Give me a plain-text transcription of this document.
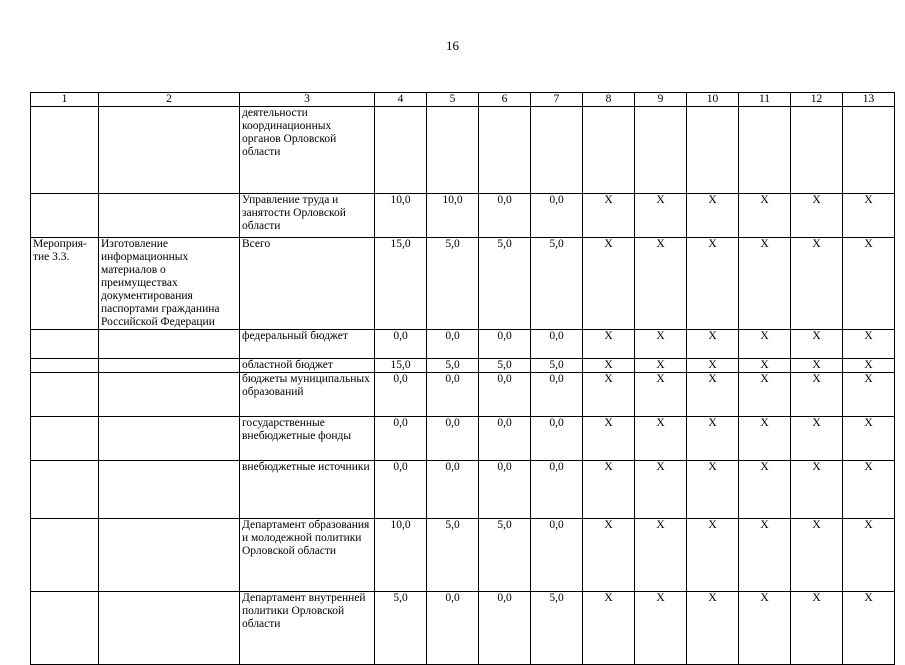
16
1	2	3	4	5	6	7	8	9	10	11	12	13
		деятельности координационных органов Орловской области										
		Управление труда и занятости Орловской области	10,0	10,0	0,0	0,0	X	X	X	X	X	X
Мероприя-тие 3.3.	Изготовление информационных материалов о преимуществах документирования паспортами гражданина Российской Федерации	Всего	15,0	5,0	5,0	5,0	X	X	X	X	X	X
		федеральный бюджет	0,0	0,0	0,0	0,0	X	X	X	X	X	X
		областной бюджет	15,0	5,0	5,0	5,0	X	X	X	X	X	X
		бюджеты муниципальных образований	0,0	0,0	0,0	0,0	X	X	X	X	X	X
		государственные внебюджетные фонды	0,0	0,0	0,0	0,0	X	X	X	X	X	X
		внебюджетные источники	0,0	0,0	0,0	0,0	X	X	X	X	X	X
		Департамент образования и молодежной политики Орловской области	10,0	5,0	5,0	0,0	X	X	X	X	X	X
		Департамент внутренней политики Орловской области	5,0	0,0	0,0	5,0	X	X	X	X	X	X
